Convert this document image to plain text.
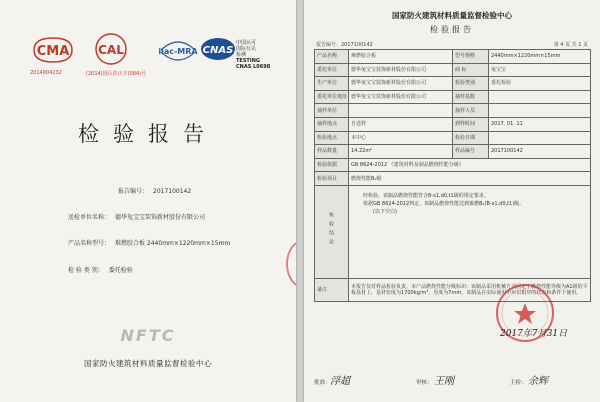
CMA
2014004232
CAL
(2014)国认监认字(084)号
ilac-MRA CNAS
中国认可
国际互认
检测
TESTING
CNAS L0698
检验报告
报告编号： 2017100142
送检单位名称： 德华兔宝宝装饰新材股份有限公司
产品名称型号： 难燃胶合板 2440mm×1220mm×15mm
检 验 类 别： 委托检验
NFTC
国家防火建筑材料质量监督检验中心
国家防火建筑材料质量监督检验中心
检验报告
报告编号：2017100142	第 4 页 共 1 页
产品名称	难燃胶合板	型号规格	2440mm×1220mm×15mm
委托单位	德华兔宝宝装饰新材股份有限公司	商 标	兔宝宝
生产单位	德华兔宝宝装饰新材股份有限公司	检验类别	委托检验
委托单位地址	德华兔宝宝装饰新材股份有限公司	抽样基数	
抽样单位		抽样人员	
抽样地点	自送样	到样时间	2017. 01. 11
检验地点	本中心	检验日期	
样品数量	14.22m²	样品编号	2017100142
检验依据	GB 8624-2012 《建筑材料及制品燃烧性能分级》		
检验项目	燃烧性能B₁级		

检验结论	经检验，该制品燃烧性能符合B-s1,d0,t1级的规定要求。

依据GB 8624-2012判定，该制品燃烧性能达到难燃B₁(B-s1,d0,t1)级。

(以下空白)		

备注	本报告仅对样品检验负责。本产品燃烧性能分级标识：该制品采用机械方式固定于燃烧性能等级为A1级的平板基材上，基材密度为1700kg/m³，厚度为7mm，该制品在实际使用中应以相应的状态和条件下使用。		
2017年7月31日
批准： 浮超	审核： 王刚	主检： 余辉
